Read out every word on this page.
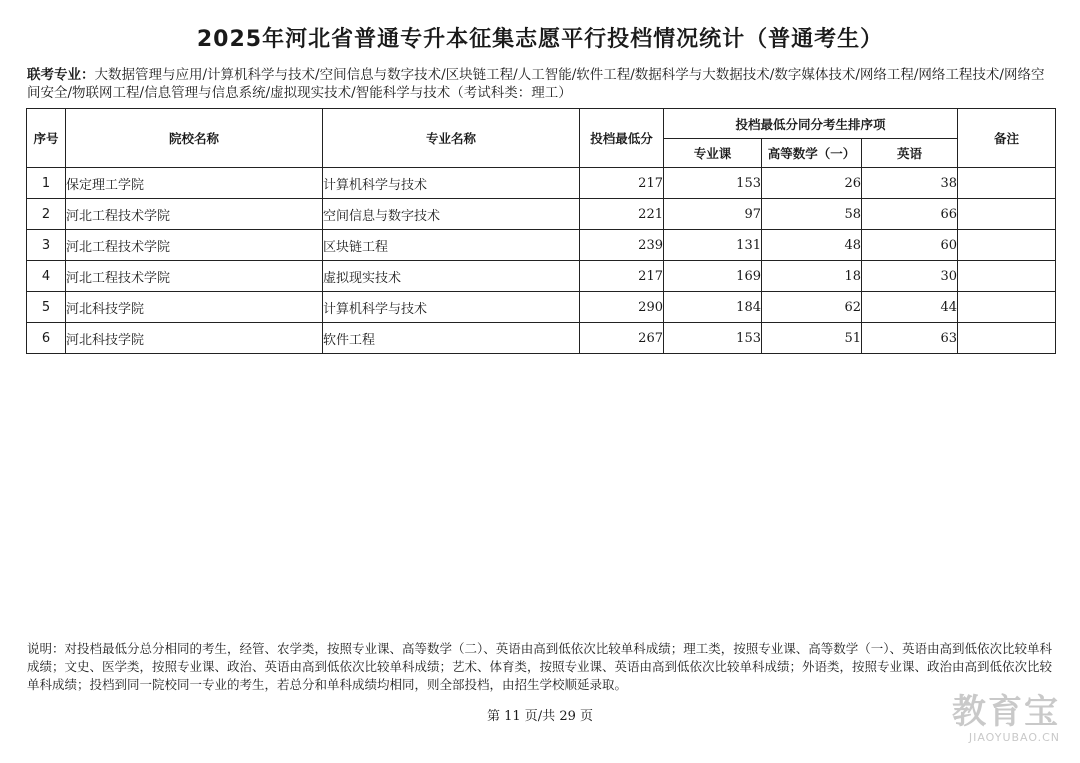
2025年河北省普通专升本征集志愿平行投档情况统计（普通考生）
联考专业：大数据管理与应用/计算机科学与技术/空间信息与数字技术/区块链工程/人工智能/软件工程/数据科学与大数据技术/数字媒体技术/网络工程/网络工程技术/网络空间安全/物联网工程/信息管理与信息系统/虚拟现实技术/智能科学与技术（考试科类：理工）
序号	院校名称	专业名称	投档最低分	投档最低分同分考生排序项			备注
				专业课	高等数学（一）	英语	
1	保定理工学院	计算机科学与技术	217	153	26	38	
2	河北工程技术学院	空间信息与数字技术	221	97	58	66	
3	河北工程技术学院	区块链工程	239	131	48	60	
4	河北工程技术学院	虚拟现实技术	217	169	18	30	
5	河北科技学院	计算机科学与技术	290	184	62	44	
6	河北科技学院	软件工程	267	153	51	63	
说明：对投档最低分总分相同的考生，经管、农学类，按照专业课、高等数学（二）、英语由高到低依次比较单科成绩；理工类，按照专业课、高等数学（一）、英语由高到低依次比较单科成绩；文史、医学类，按照专业课、政治、英语由高到低依次比较单科成绩；艺术、体育类，按照专业课、英语由高到低依次比较单科成绩；外语类，按照专业课、政治由高到低依次比较单科成绩；投档到同一院校同一专业的考生，若总分和单科成绩均相同，则全部投档，由招生学校顺延录取。
第 11 页/共 29 页	教育宝
JIAOYUBAO.CN
